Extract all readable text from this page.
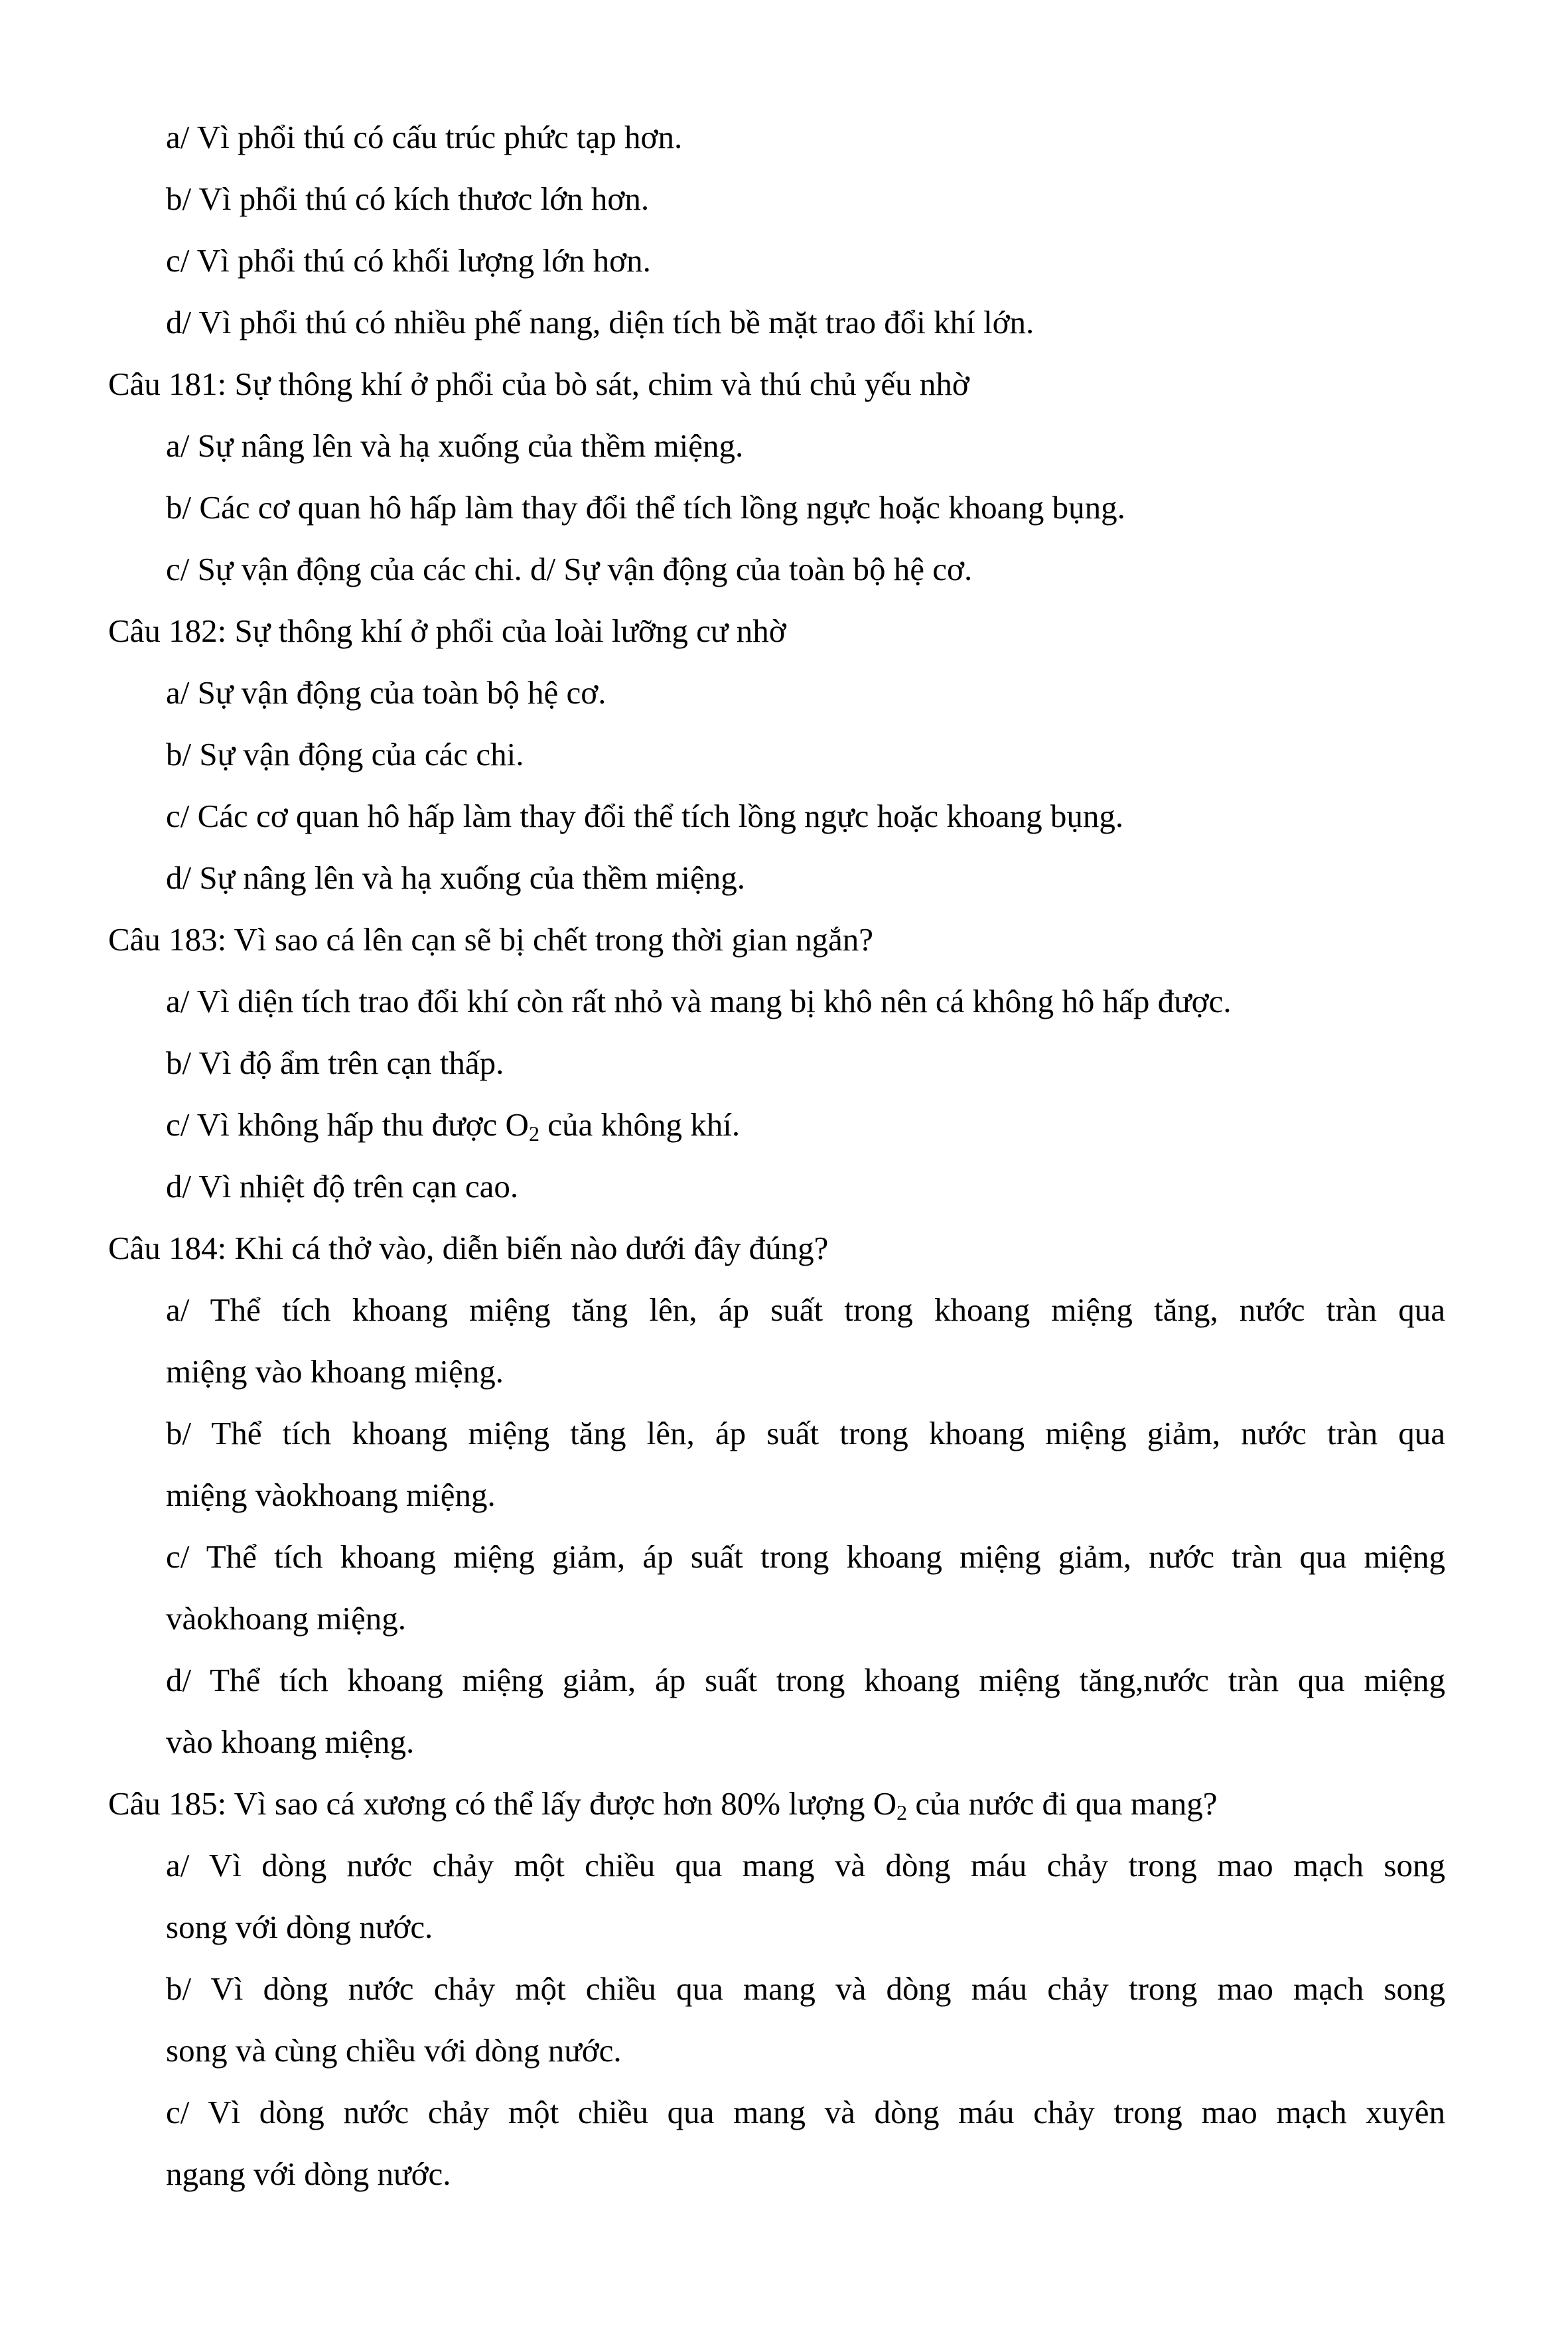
a/ Vì phổi thú có cấu trúc phức tạp hơn.
b/ Vì phổi thú có kích thươc lớn hơn.
c/ Vì phổi thú có khối lượng lớn hơn.
d/ Vì phổi thú có nhiều phế nang, diện tích bề mặt trao đổi khí lớn.
Câu 181: Sự thông khí ở phổi của bò sát, chim và thú chủ yếu nhờ
a/ Sự nâng lên và hạ xuống của thềm miệng.
b/ Các cơ quan hô hấp làm thay đổi thể tích lồng ngực hoặc khoang bụng.
c/ Sự vận động của các chi. d/ Sự vận động của toàn bộ hệ cơ.
Câu 182: Sự thông khí ở phổi của loài lưỡng cư nhờ
a/ Sự vận động của toàn bộ hệ cơ.
b/ Sự vận động của các chi.
c/ Các cơ quan hô hấp làm thay đổi thể tích lồng ngực hoặc khoang bụng.
d/ Sự nâng lên và hạ xuống của thềm miệng.
Câu 183: Vì sao cá lên cạn sẽ bị chết trong thời gian ngắn?
a/ Vì diện tích trao đổi khí còn rất nhỏ và mang bị khô nên cá không hô hấp được.
b/ Vì độ ẩm trên cạn thấp.
c/ Vì không hấp thu được $O_2$ của không khí.
d/ Vì nhiệt độ trên cạn cao.
Câu 184: Khi cá thở vào, diễn biến nào dưới đây đúng?
a/ Thể tích khoang miệng tăng lên, áp suất trong khoang miệng tăng, nước tràn qua
miệng vào khoang miệng.
b/ Thể tích khoang miệng tăng lên, áp suất trong khoang miệng giảm, nước tràn qua
miệng vàokhoang miệng.
c/ Thể tích khoang miệng giảm, áp suất trong khoang miệng giảm, nước tràn qua miệng
vàokhoang miệng.
d/ Thể tích khoang miệng giảm, áp suất trong khoang miệng tăng,nước tràn qua miệng
vào khoang miệng.
Câu 185: Vì sao cá xương có thể lấy được hơn 80% lượng $O_2$ của nước đi qua mang?
a/ Vì dòng nước chảy một chiều qua mang và dòng máu chảy trong mao mạch song
song với dòng nước.
b/ Vì dòng nước chảy một chiều qua mang và dòng máu chảy trong mao mạch song
song và cùng chiều với dòng nước.
c/ Vì dòng nước chảy một chiều qua mang và dòng máu chảy trong mao mạch xuyên
ngang với dòng nước.
